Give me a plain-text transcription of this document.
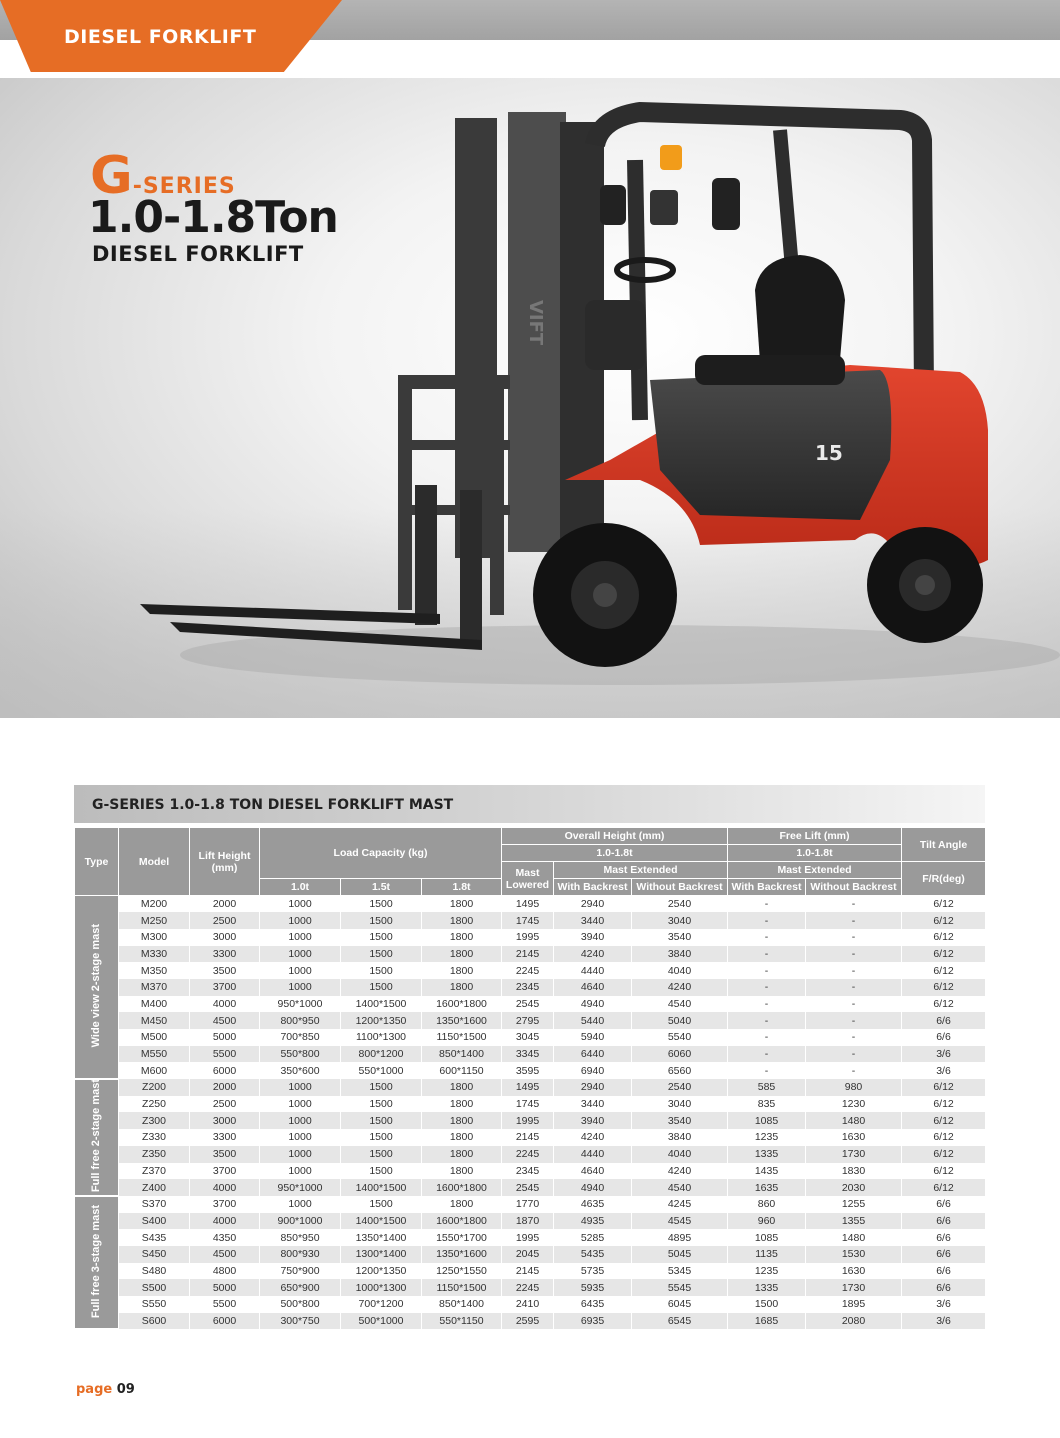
DIESEL FORKLIFT
VIFT
15
G-SERIES
1.0-1.8Ton
DIESEL FORKLIFT
G-SERIES 1.0-1.8 TON DIESEL FORKLIFT MAST
Type	Model	Lift Height (mm)	Load Capacity (kg)			Overall Height (mm)			Free Lift (mm)		Tilt Angle
						1.0-1.8t			1.0-1.8t		
						Mast Lowered	Mast Extended		Mast Extended		F/R(deg)
			1.0t	1.5t	1.8t		With Backrest	Without Backrest	With Backrest	Without Backrest	
Wide view 2-stage mast	M200	2000	1000	1500	1800	1495	2940	2540	-	-	6/12
	M250	2500	1000	1500	1800	1745	3440	3040	-	-	6/12
	M300	3000	1000	1500	1800	1995	3940	3540	-	-	6/12
	M330	3300	1000	1500	1800	2145	4240	3840	-	-	6/12
	M350	3500	1000	1500	1800	2245	4440	4040	-	-	6/12
	M370	3700	1000	1500	1800	2345	4640	4240	-	-	6/12
	M400	4000	950*1000	1400*1500	1600*1800	2545	4940	4540	-	-	6/12
	M450	4500	800*950	1200*1350	1350*1600	2795	5440	5040	-	-	6/6
	M500	5000	700*850	1100*1300	1150*1500	3045	5940	5540	-	-	6/6
	M550	5500	550*800	800*1200	850*1400	3345	6440	6060	-	-	3/6
	M600	6000	350*600	550*1000	600*1150	3595	6940	6560	-	-	3/6
Full free 2-stage mast	Z200	2000	1000	1500	1800	1495	2940	2540	585	980	6/12
	Z250	2500	1000	1500	1800	1745	3440	3040	835	1230	6/12
	Z300	3000	1000	1500	1800	1995	3940	3540	1085	1480	6/12
	Z330	3300	1000	1500	1800	2145	4240	3840	1235	1630	6/12
	Z350	3500	1000	1500	1800	2245	4440	4040	1335	1730	6/12
	Z370	3700	1000	1500	1800	2345	4640	4240	1435	1830	6/12
	Z400	4000	950*1000	1400*1500	1600*1800	2545	4940	4540	1635	2030	6/12
Full free 3-stage mast	S370	3700	1000	1500	1800	1770	4635	4245	860	1255	6/6
	S400	4000	900*1000	1400*1500	1600*1800	1870	4935	4545	960	1355	6/6
	S435	4350	850*950	1350*1400	1550*1700	1995	5285	4895	1085	1480	6/6
	S450	4500	800*930	1300*1400	1350*1600	2045	5435	5045	1135	1530	6/6
	S480	4800	750*900	1200*1350	1250*1550	2145	5735	5345	1235	1630	6/6
	S500	5000	650*900	1000*1300	1150*1500	2245	5935	5545	1335	1730	6/6
	S550	5500	500*800	700*1200	850*1400	2410	6435	6045	1500	1895	3/6
	S600	6000	300*750	500*1000	550*1150	2595	6935	6545	1685	2080	3/6
page 09
